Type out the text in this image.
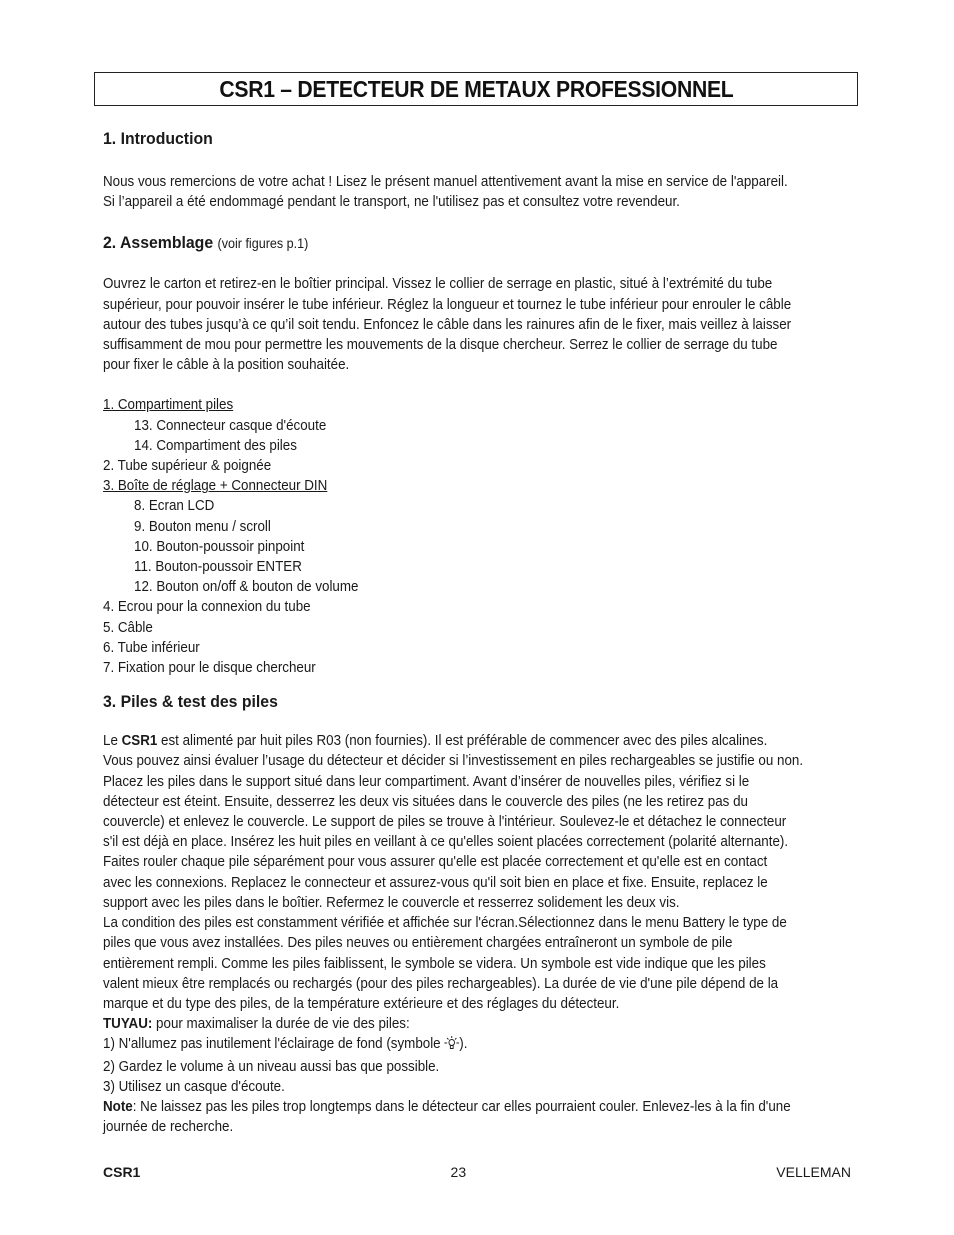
CSR1 – DETECTEUR DE METAUX PROFESSIONNEL
1. Introduction

Nous vous remercions de votre achat ! Lisez le présent manuel attentivement avant la mise en service de l'appareil.

Si l’appareil a été endommagé pendant le transport, ne l'utilisez pas et consultez votre revendeur.

2. Assemblage (voir figures p.1)

Ouvrez le carton et retirez-en le boîtier principal. Vissez le collier de serrage en plastic, situé à l’extrémité du tube

supérieur, pour pouvoir insérer le tube inférieur. Réglez la longueur et tournez le tube inférieur pour enrouler le câble

autour des tubes jusqu’à ce qu’il soit tendu. Enfoncez le câble dans les rainures afin de le fixer, mais veillez à laisser

suffisamment de mou pour permettre les mouvements de la disque chercheur. Serrez le collier de serrage du tube

pour fixer le câble à la position souhaitée.

1. Compartiment piles
13. Connecteur casque d'écoute
14. Compartiment des piles
2. Tube supérieur & poignée
3. Boîte de réglage + Connecteur DIN
8. Ecran LCD
9. Bouton menu / scroll
10. Bouton-poussoir pinpoint
11. Bouton-poussoir ENTER
12. Bouton on/off & bouton de volume
4. Ecrou pour la connexion du tube
5. Câble
6. Tube inférieur
7. Fixation pour le disque chercheur
3. Piles & test des piles

Le CSR1 est alimenté par huit piles R03 (non fournies). Il est préférable de commencer avec des piles alcalines.

Vous pouvez ainsi évaluer l’usage du détecteur et décider si l’investissement en piles rechargeables se justifie ou non.

Placez les piles dans le support situé dans leur compartiment. Avant d’insérer de nouvelles piles, vérifiez si le

détecteur est éteint. Ensuite, desserrez les deux vis situées dans le couvercle des piles (ne les retirez pas du

couvercle) et enlevez le couvercle. Le support de piles se trouve à l'intérieur. Soulevez-le et détachez le connecteur

s'il est déjà en place. Insérez les huit piles en veillant à ce qu'elles soient placées correctement (polarité alternante).

Faites rouler chaque pile séparément pour vous assurer qu'elle est placée correctement et qu'elle est en contact

avec les connexions. Replacez le connecteur et assurez-vous qu'il soit bien en place et fixe. Ensuite, replacez le

support avec les piles dans le boîtier. Refermez le couvercle et resserrez solidement les deux vis.

La condition des piles est constamment vérifiée et affichée sur l'écran.Sélectionnez dans le menu Battery le type de

piles que vous avez installées. Des piles neuves ou entièrement chargées entraîneront un symbole de pile

entièrement rempli. Comme les piles faiblissent, le symbole se videra. Un symbole est vide indique que les piles

valent mieux être remplacés ou rechargés (pour des piles rechargeables). La durée de vie d'une pile dépend de la

marque et du type des piles, de la température extérieure et des réglages du détecteur.

TUYAU: pour maximaliser la durée de vie des piles:

1) N'allumez pas inutilement l'éclairage de fond (symbole ).

2) Gardez le volume à un niveau aussi bas que possible.

3) Utilisez un casque d'écoute.

Note: Ne laissez pas les piles trop longtemps dans le détecteur car elles pourraient couler. Enlevez-les à la fin d'une

journée de recherche.

CSR1	23	VELLEMAN
